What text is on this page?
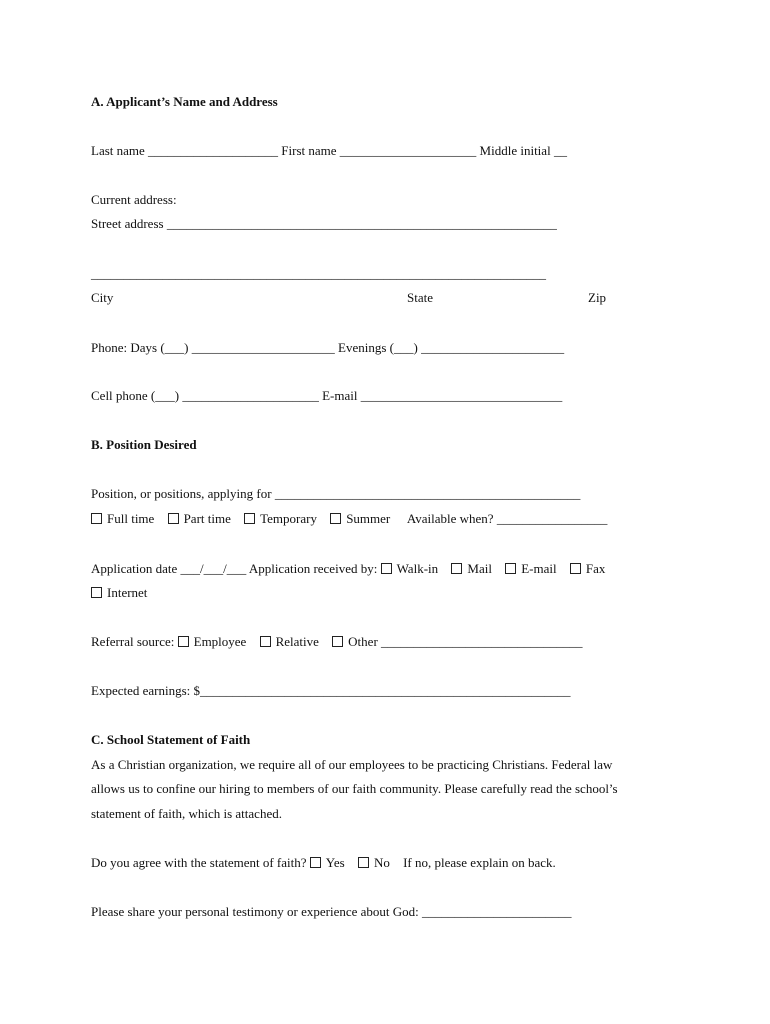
A. Applicant’s Name and Address
Last name ____________________ First name _____________________ Middle initial __
Current address:
Street address ____________________________________________________________
______________________________________________________________________
City	State	Zip
Phone: Days (___) ______________________ Evenings (___) ______________________
Cell phone (___) _____________________ E-mail _______________________________
B. Position Desired
Position, or positions, applying for _______________________________________________
Full time Part time Temporary Summer Available when? _________________
Application date ___/___/___ Application received by: Walk-in Mail E-mail Fax
Internet
Referral source: Employee Relative Other _______________________________
Expected earnings: $_________________________________________________________
C. School Statement of Faith
As a Christian organization, we require all of our employees to be practicing Christians. Federal law
allows us to confine our hiring to members of our faith community. Please carefully read the school’s
statement of faith, which is attached.
Do you agree with the statement of faith? Yes No If no, please explain on back.
Please share your personal testimony or experience about God: _______________________
